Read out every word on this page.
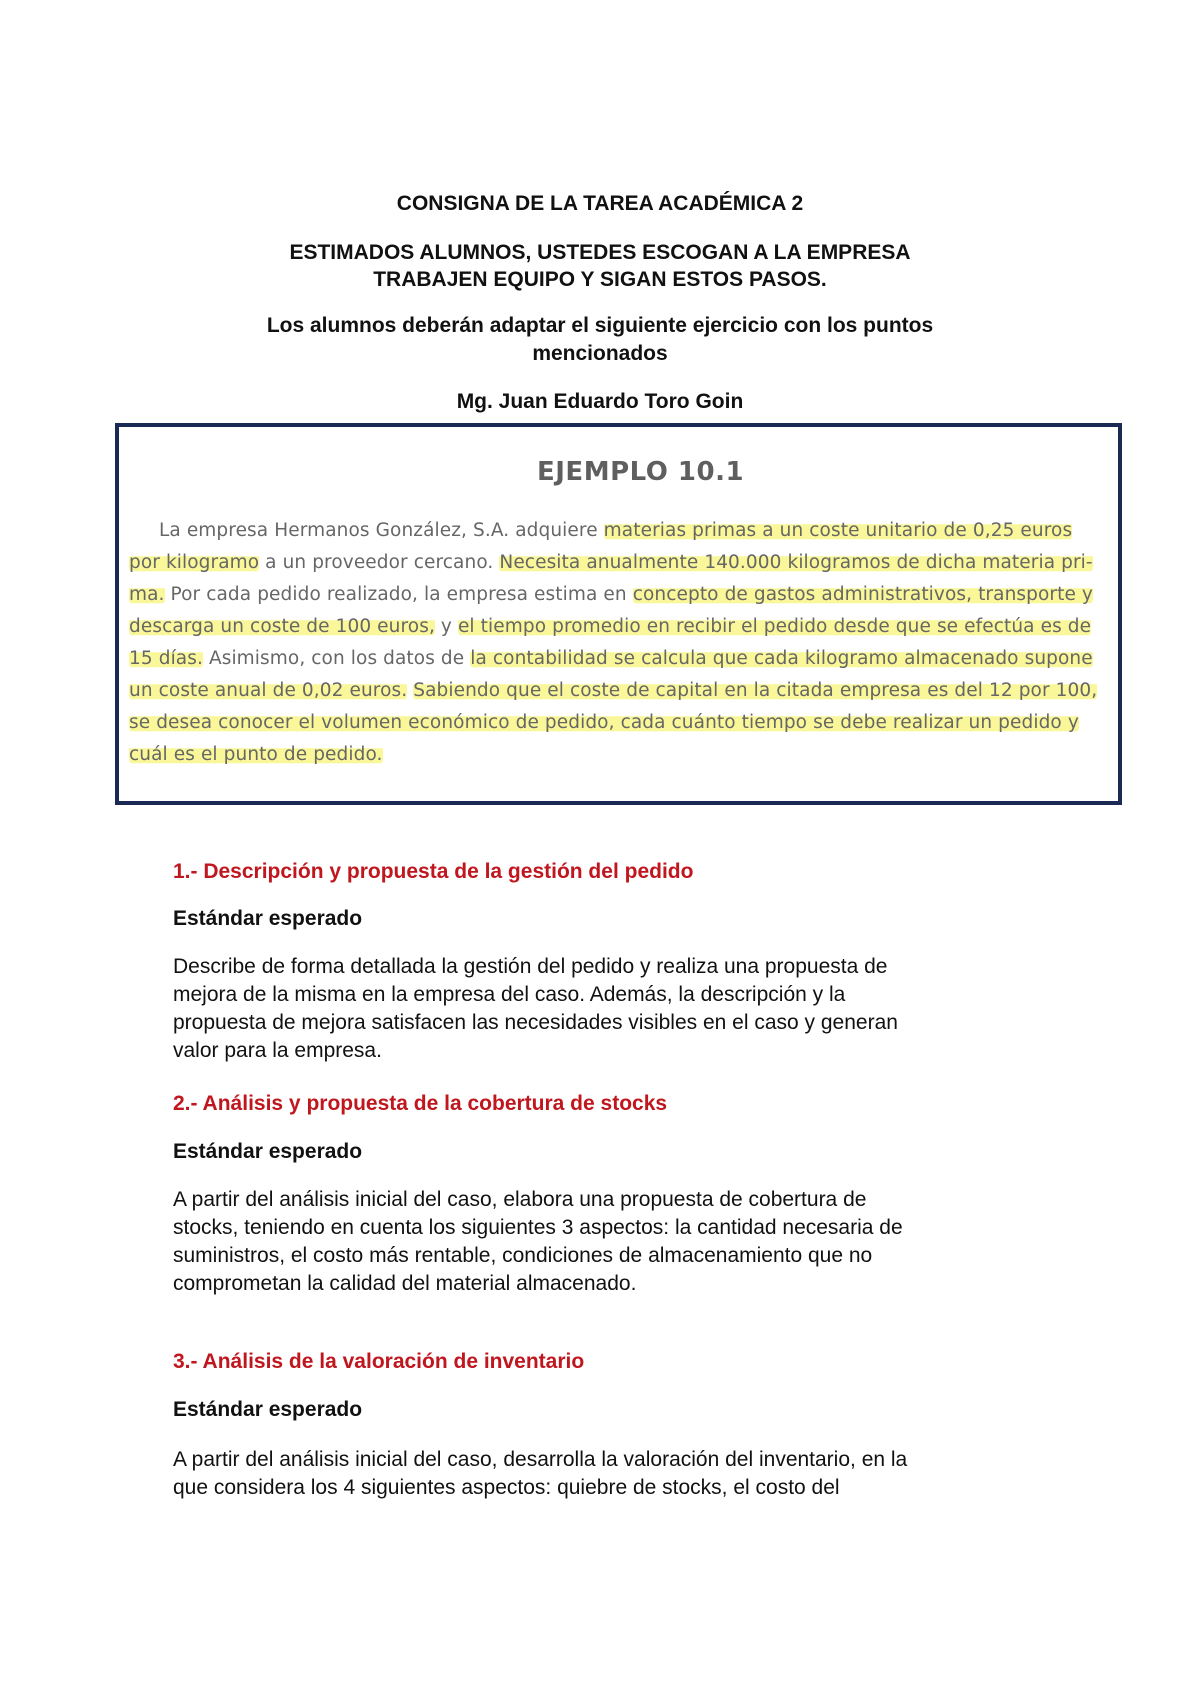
CONSIGNA DE LA TAREA ACADÉMICA 2
ESTIMADOS ALUMNOS, USTEDES ESCOGAN A LA EMPRESA
TRABAJEN EQUIPO Y SIGAN ESTOS PASOS.
Los alumnos deberán adaptar el siguiente ejercicio con los puntos
mencionados
Mg. Juan Eduardo Toro Goin
EJEMPLO 10.1
La empresa Hermanos González, S.A. adquiere materias primas a un coste unitario de 0,25 euros
por kilogramo a un proveedor cercano. Necesita anualmente 140.000 kilogramos de dicha materia pri-
ma. Por cada pedido realizado, la empresa estima en concepto de gastos administrativos, transporte y
descarga un coste de 100 euros, y el tiempo promedio en recibir el pedido desde que se efectúa es de
15 días. Asimismo, con los datos de la contabilidad se calcula que cada kilogramo almacenado supone
un coste anual de 0,02 euros. Sabiendo que el coste de capital en la citada empresa es del 12 por 100,
se desea conocer el volumen económico de pedido, cada cuánto tiempo se debe realizar un pedido y
cuál es el punto de pedido.
1.- Descripción y propuesta de la gestión del pedido
Estándar esperado
Describe de forma detallada la gestión del pedido y realiza una propuesta de
mejora de la misma en la empresa del caso. Además, la descripción y la
propuesta de mejora satisfacen las necesidades visibles en el caso y generan
valor para la empresa.
2.- Análisis y propuesta de la cobertura de stocks
Estándar esperado
A partir del análisis inicial del caso, elabora una propuesta de cobertura de
stocks, teniendo en cuenta los siguientes 3 aspectos: la cantidad necesaria de
suministros, el costo más rentable, condiciones de almacenamiento que no
comprometan la calidad del material almacenado.
3.- Análisis de la valoración de inventario
Estándar esperado
A partir del análisis inicial del caso, desarrolla la valoración del inventario, en la
que considera los 4 siguientes aspectos: quiebre de stocks, el costo del
